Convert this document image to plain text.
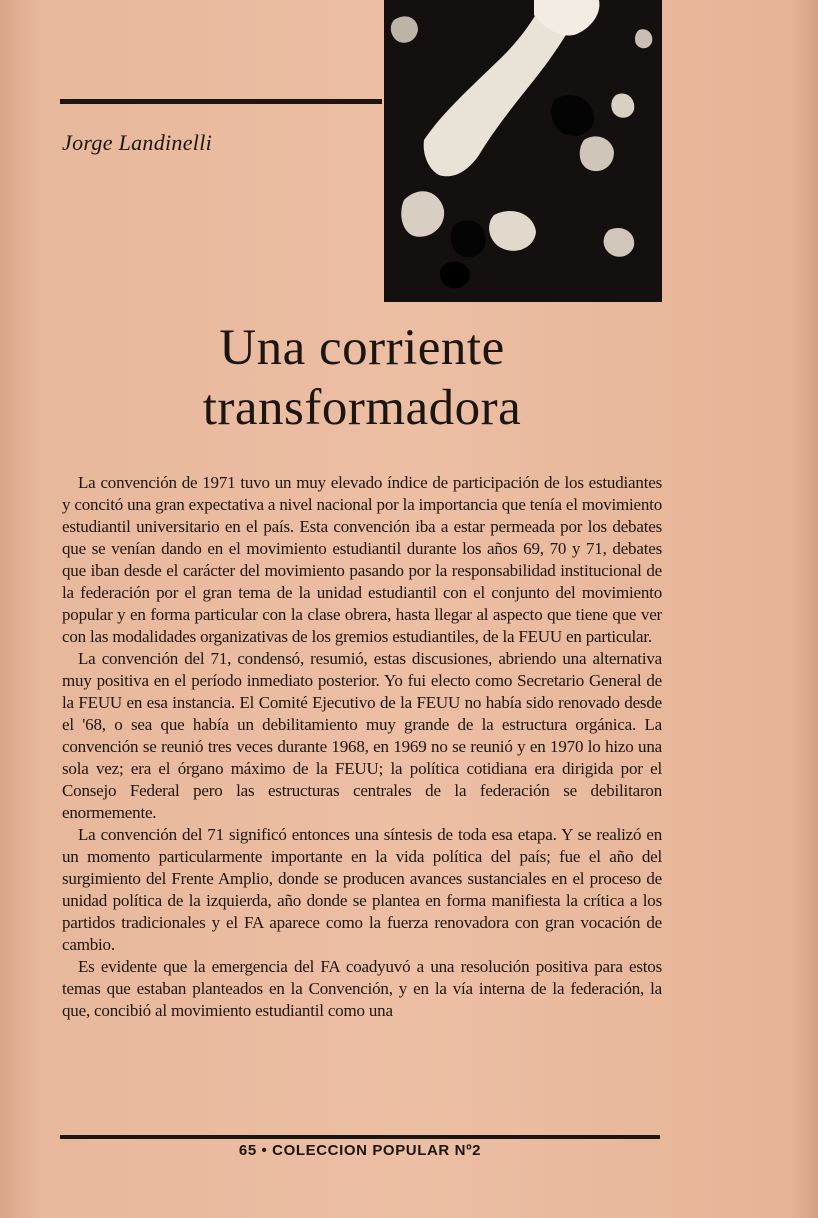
Jorge Landinelli
Una corriente
transformadora

La convención de 1971 tuvo un muy elevado índice de participación de los estudiantes y concitó una gran expectativa a nivel nacional por la importancia que tenía el movimiento estudiantil universitario en el país. Esta convención iba a estar permeada por los debates que se venían dando en el movimiento estudiantil durante los años 69, 70 y 71, debates que iban desde el carácter del movimiento pasando por la responsabilidad institucional de la federación por el gran tema de la unidad estudiantil con el conjunto del movimiento popular y en forma particular con la clase obrera, hasta llegar al aspecto que tiene que ver con las modalidades organizativas de los gremios estudiantiles, de la FEUU en particular.

La convención del 71, condensó, resumió, estas discusiones, abriendo una alternativa muy positiva en el período inmediato posterior. Yo fui electo como Secretario General de la FEUU en esa instancia. El Comité Ejecutivo de la FEUU no había sido renovado desde el '68, o sea que había un debilitamiento muy grande de la estructura orgánica. La convención se reunió tres veces durante 1968, en 1969 no se reunió y en 1970 lo hizo una sola vez; era el órgano máximo de la FEUU; la política cotidiana era dirigida por el Consejo Federal pero las estructuras centrales de la federación se debilitaron enormemente.

La convención del 71 significó entonces una síntesis de toda esa etapa. Y se realizó en un momento particularmente importante en la vida política del país; fue el año del surgimiento del Frente Amplio, donde se producen avances sustanciales en el proceso de unidad política de la izquierda, año donde se plantea en forma manifiesta la crítica a los partidos tradicionales y el FA aparece como la fuerza renovadora con gran vocación de cambio.

Es evidente que la emergencia del FA coadyuvó a una resolución positiva para estos temas que estaban planteados en la Convención, y en la vía interna de la federación, la que, concibió al movimiento estudiantil como una

65 • COLECCION POPULAR Nº2
